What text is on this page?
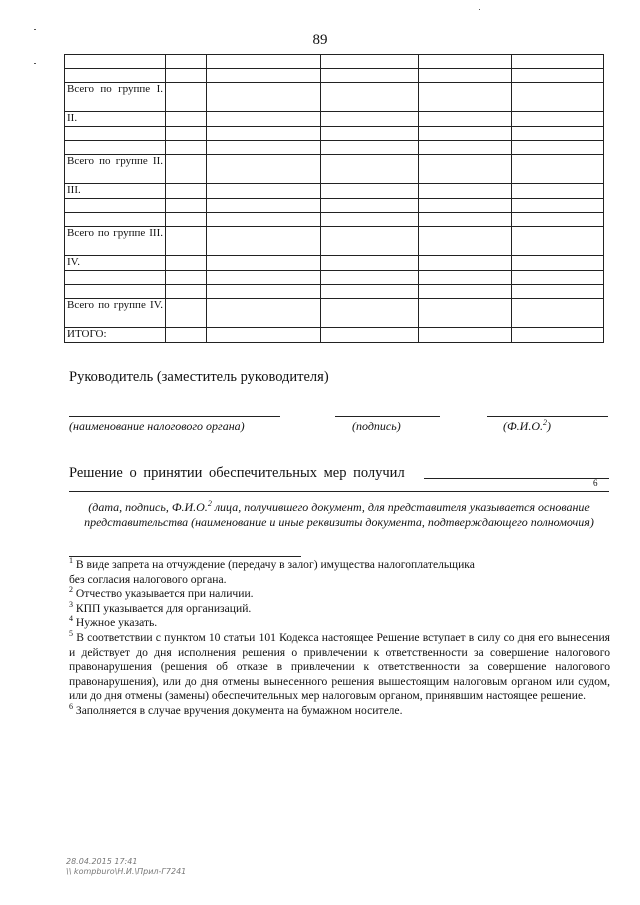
89

Всего по группе I.					
II.					

Всего по группе II.					
III.					

Всего по группе III.					
IV.					

Всего по группе IV.					
ИТОГО:					
Руководитель (заместитель руководителя)
(наименование налогового органа)	(подпись)	(Ф.И.О.$^2$)
Решение о принятии обеспечительных мер получил
6
(дата, подпись, Ф.И.О.$^2$ лица, получившего документ, для представителя указывается основание представительства (наименование и иные реквизиты документа, подтверждающего полномочия)

$^1$ В виде запрета на отчуждение (передачу в залог) имущества налогоплательщика

без согласия налогового органа.

$^2$ Отчество указывается при наличии.

$^3$ КПП указывается для организаций.

$^4$ Нужное указать.

$^5$ В соответствии с пунктом 10 статьи 101 Кодекса настоящее Решение вступает в силу со дня его вынесения и действует до дня исполнения решения о привлечении к ответственности за совершение налогового правонарушения (решения об отказе в привлечении к ответственности за совершение налогового правонарушения), или до дня отмены вынесенного решения вышестоящим налоговым органом или судом, или до дня отмены (замены) обеспечительных мер налоговым органом, принявшим настоящее решение.

$^6$ Заполняется в случае вручения документа на бумажном носителе.

28.04.2015 17:41
\\ kompburo\Н.И.\Прил-Г7241
